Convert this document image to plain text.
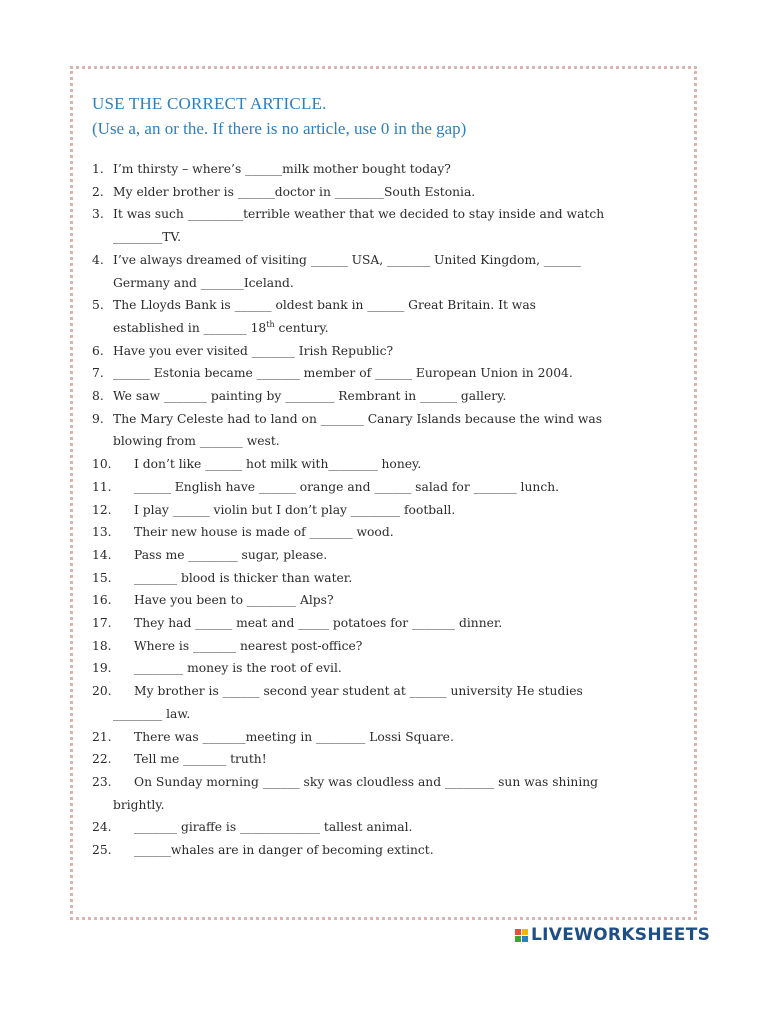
USE THE CORRECT ARTICLE.

(Use a, an or the. If there is no article, use 0 in the gap)

1. I’m thirsty – where’s ______milk mother bought today?
2. My elder brother is ______doctor in ________South Estonia.
3. It was such _________terrible weather that we decided to stay inside and watch
________TV.
4. I’ve always dreamed of visiting ______ USA, _______ United Kingdom, ______
Germany and _______Iceland.
5. The Lloyds Bank is ______ oldest bank in ______ Great Britain. It was
established in _______ 18th century.
6. Have you ever visited _______ Irish Republic?
7. ______ Estonia became _______ member of ______ European Union in 2004.
8. We saw _______ painting by ________ Rembrant in ______ gallery.
9. The Mary Celeste had to land on _______ Canary Islands because the wind was
blowing from _______ west.
10.	I don’t like ______ hot milk with________ honey.
11.	______ English have ______ orange and ______ salad for _______ lunch.
12.	I play ______ violin but I don’t play ________ football.
13.	Their new house is made of _______ wood.
14.	Pass me ________ sugar, please.
15.	_______ blood is thicker than water.
16.	Have you been to ________ Alps?
17.	They had ______ meat and _____ potatoes for _______ dinner.
18.	Where is _______ nearest post-office?
19.	________ money is the root of evil.
20. My brother is ______ second year student at ______ university He studies
________ law.
21.	There was _______meeting in ________ Lossi Square.
22.	Tell me _______ truth!
23. On Sunday morning ______ sky was cloudless and ________ sun was shining
brightly.
24.	_______ giraffe is _____________ tallest animal.
25.	______whales are in danger of becoming extinct.
LIVEWORKSHEETS
